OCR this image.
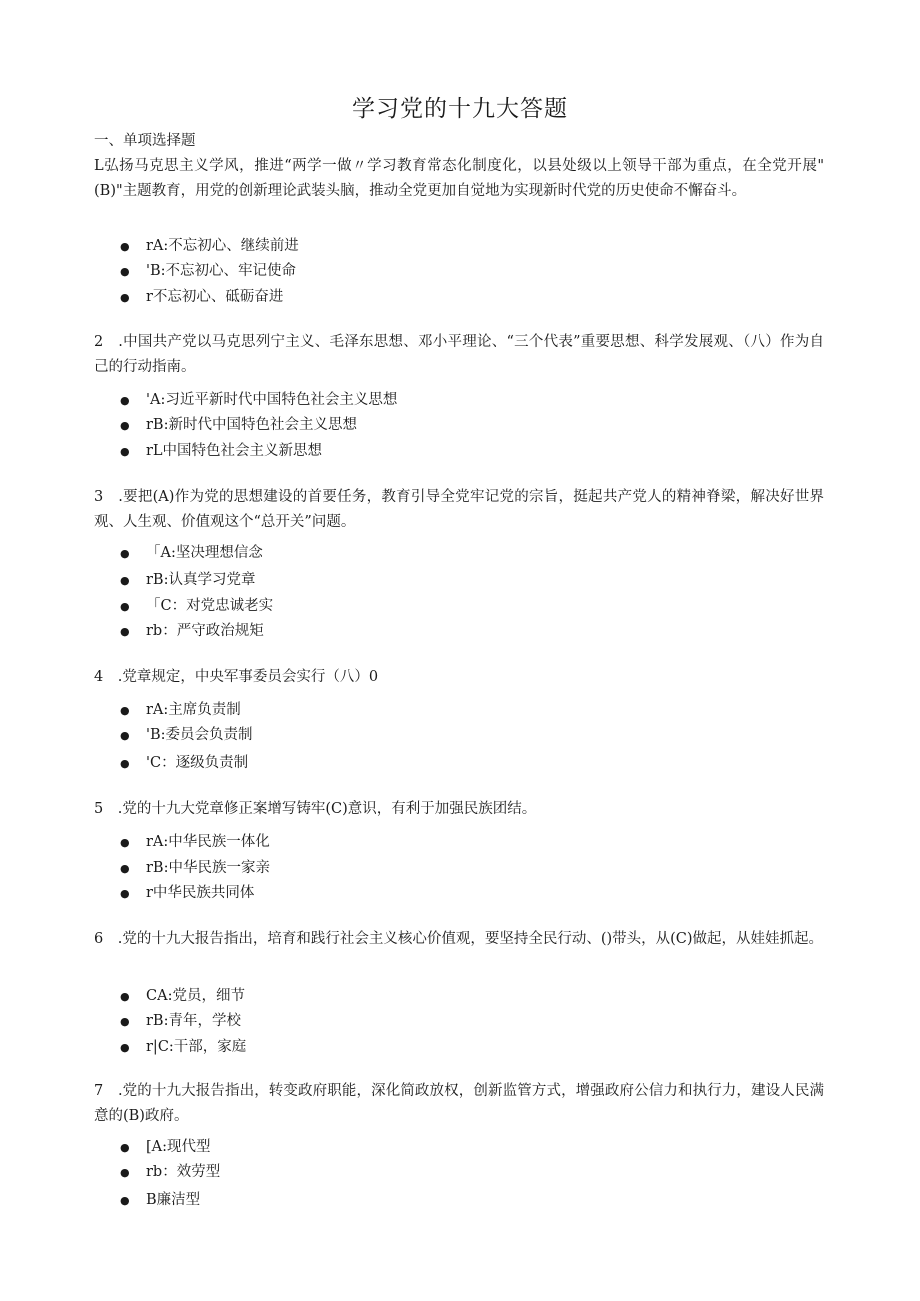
学习党的十九大答题
一、单项选择题

L弘扬马克思主义学风，推进“两学一做〃学习教育常态化制度化，以县处级以上领导干部为重点，在全党开展"(B)"主题教育，用党的创新理论武装头脑，推动全党更加自觉地为实现新时代党的历史使命不懈奋斗。

● rA:不忘初心、继续前进
● 'B:不忘初心、牢记使命
● r不忘初心、砥砺奋进

2　.中国共产党以马克思列宁主义、毛泽东思想、邓小平理论、“三个代表”重要思想、科学发展观、（八）作为自己的行动指南。

● 'A:习近平新时代中国特色社会主义思想
● rB:新时代中国特色社会主义思想
● rL中国特色社会主义新思想

3　.要把(A)作为党的思想建设的首要任务，教育引导全党牢记党的宗旨，挺起共产党人的精神脊梁，解决好世界观、人生观、价值观这个“总开关”问题。

● 「A:坚决理想信念
● rB:认真学习党章
● 「C：对党忠诚老实
● rb：严守政治规矩

4　.党章规定，中央军事委员会实行（八）0

● rA:主席负责制
● 'B:委员会负责制
● 'C：逐级负责制

5　.党的十九大党章修正案增写铸牢(C)意识，有利于加强民族团结。

● rA:中华民族一体化
● rB:中华民族一家亲
● r中华民族共同体

6　.党的十九大报告指出，培育和践行社会主义核心价值观，要坚持全民行动、()带头，从(C)做起，从娃娃抓起。

● CA:党员，细节
● rB:青年，学校
● r|C:干部，家庭

7　.党的十九大报告指出，转变政府职能，深化简政放权，创新监管方式，增强政府公信力和执行力，建设人民满意的(B)政府。

● [A:现代型
● rb：效劳型
● B廉洁型
